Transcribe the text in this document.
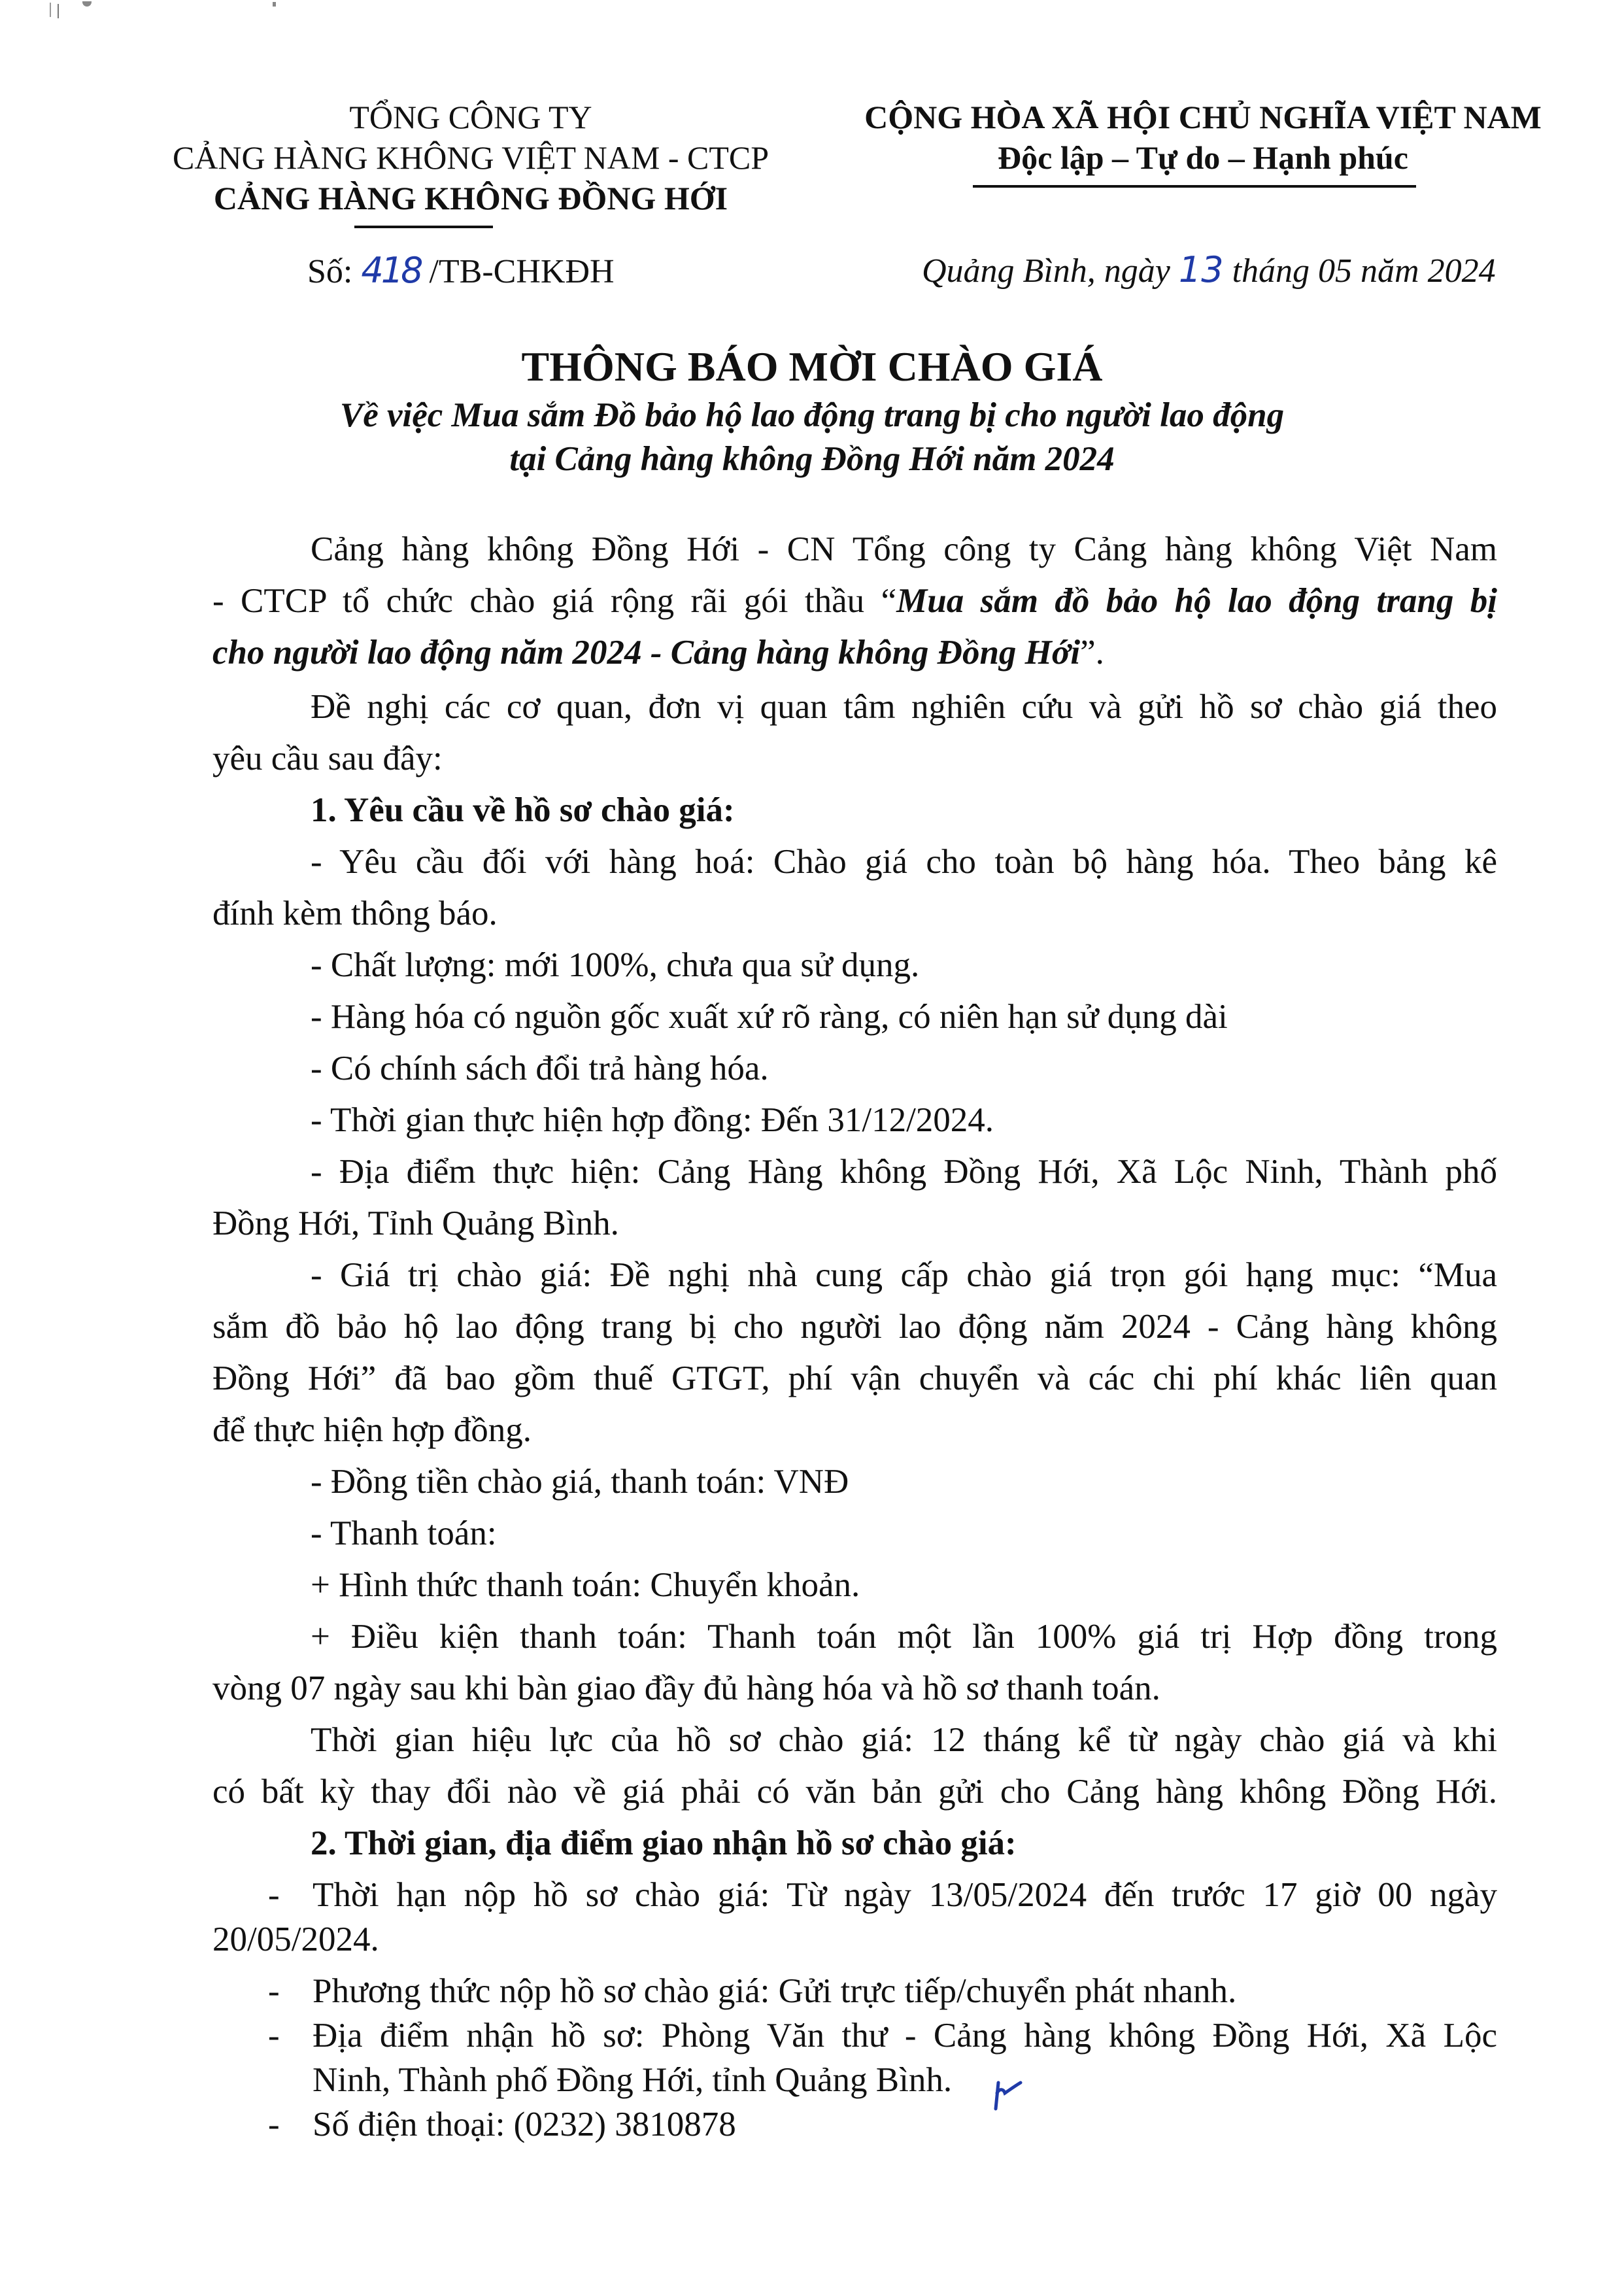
TỔNG CÔNG TY
CẢNG HÀNG KHÔNG VIỆT NAM - CTCP
CẢNG HÀNG KHÔNG ĐỒNG HỚI
Số: 418 /TB-CHKĐH
CỘNG HÒA XÃ HỘI CHỦ NGHĨA VIỆT NAM
Độc lập – Tự do – Hạnh phúc
Quảng Bình, ngày 13 tháng 05 năm 2024
THÔNG BÁO MỜI CHÀO GIÁ
Về việc Mua sắm Đồ bảo hộ lao động trang bị cho người lao động
tại Cảng hàng không Đồng Hới năm 2024
Cảng hàng không Đồng Hới - CN Tổng công ty Cảng hàng không Việt Nam
- CTCP tổ chức chào giá rộng rãi gói thầu “Mua sắm đồ bảo hộ lao động trang bị
cho người lao động năm 2024 - Cảng hàng không Đồng Hới”.
Đề nghị các cơ quan, đơn vị quan tâm nghiên cứu và gửi hồ sơ chào giá theo
yêu cầu sau đây:
1. Yêu cầu về hồ sơ chào giá:
- Yêu cầu đối với hàng hoá: Chào giá cho toàn bộ hàng hóa. Theo bảng kê
đính kèm thông báo.
- Chất lượng: mới 100%, chưa qua sử dụng.
- Hàng hóa có nguồn gốc xuất xứ rõ ràng, có niên hạn sử dụng dài
- Có chính sách đổi trả hàng hóa.
- Thời gian thực hiện hợp đồng: Đến 31/12/2024.
- Địa điểm thực hiện: Cảng Hàng không Đồng Hới, Xã Lộc Ninh, Thành phố
Đồng Hới, Tỉnh Quảng Bình.
- Giá trị chào giá: Đề nghị nhà cung cấp chào giá trọn gói hạng mục: “Mua
sắm đồ bảo hộ lao động trang bị cho người lao động năm 2024 - Cảng hàng không
Đồng Hới” đã bao gồm thuế GTGT, phí vận chuyển và các chi phí khác liên quan
để thực hiện hợp đồng.
- Đồng tiền chào giá, thanh toán: VNĐ
- Thanh toán:
+ Hình thức thanh toán: Chuyển khoản.
+ Điều kiện thanh toán: Thanh toán một lần 100% giá trị Hợp đồng trong
vòng 07 ngày sau khi bàn giao đầy đủ hàng hóa và hồ sơ thanh toán.
Thời gian hiệu lực của hồ sơ chào giá: 12 tháng kể từ ngày chào giá và khi
có bất kỳ thay đổi nào về giá phải có văn bản gửi cho Cảng hàng không Đồng Hới.
2. Thời gian, địa điểm giao nhận hồ sơ chào giá:
- Thời hạn nộp hồ sơ chào giá: Từ ngày 13/05/2024 đến trước 17 giờ 00 ngày
20/05/2024.
- Phương thức nộp hồ sơ chào giá: Gửi trực tiếp/chuyển phát nhanh.
- Địa điểm nhận hồ sơ: Phòng Văn thư - Cảng hàng không Đồng Hới, Xã Lộc
Ninh, Thành phố Đồng Hới, tỉnh Quảng Bình.
- Số điện thoại: (0232) 3810878
